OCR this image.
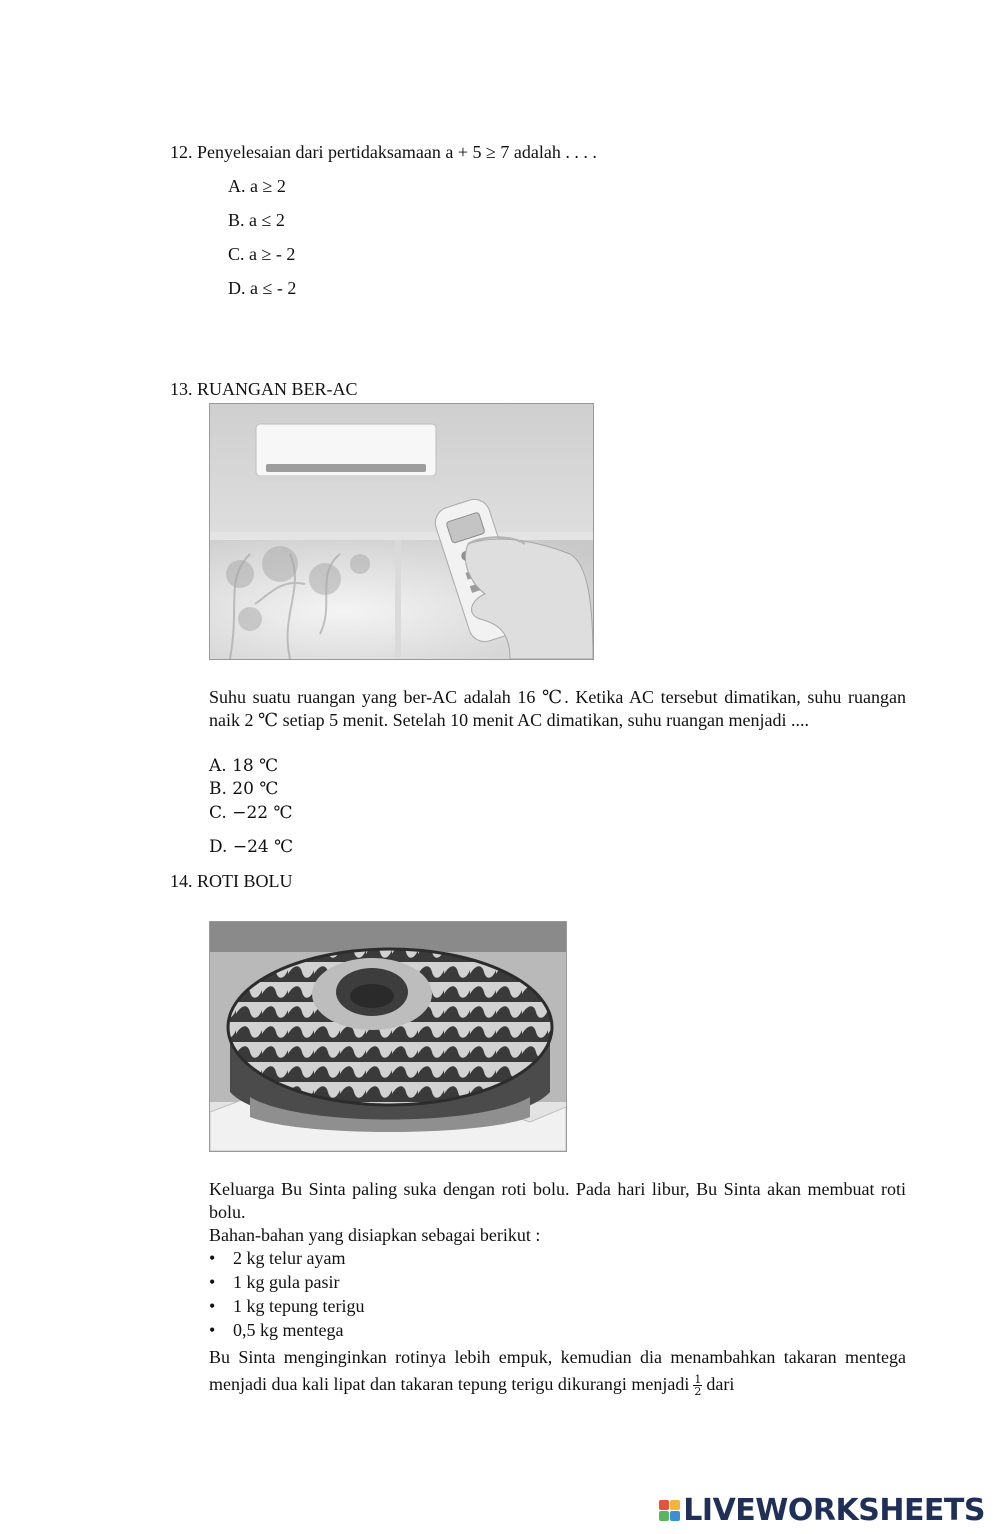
12. Penyelesaian dari pertidaksamaan a + 5 ≥ 7 adalah . . . .
A. a ≥ 2
B. a ≤ 2
C. a ≥ - 2
D. a ≤ - 2
13. RUANGAN BER-AC
Suhu suatu ruangan yang ber-AC adalah 16 ℃. Ketika AC tersebut dimatikan, suhu ruangan naik 2 ℃ setiap 5 menit. Setelah 10 menit AC dimatikan, suhu ruangan menjadi ....
A. 18 ℃
B. 20 ℃
C. −22 ℃
D. −24 ℃
14. ROTI BOLU
Keluarga Bu Sinta paling suka dengan roti bolu. Pada hari libur, Bu Sinta akan membuat roti bolu.
Bahan-bahan yang disiapkan sebagai berikut :
• 2 kg telur ayam
• 1 kg gula pasir
• 1 kg tepung terigu
• 0,5 kg mentega
Bu Sinta menginginkan rotinya lebih empuk, kemudian dia menambahkan takaran mentega menjadi dua kali lipat dan takaran tepung terigu dikurangi menjadi $\frac{1}{2}$ dari
LIVEWORKSHEETS
